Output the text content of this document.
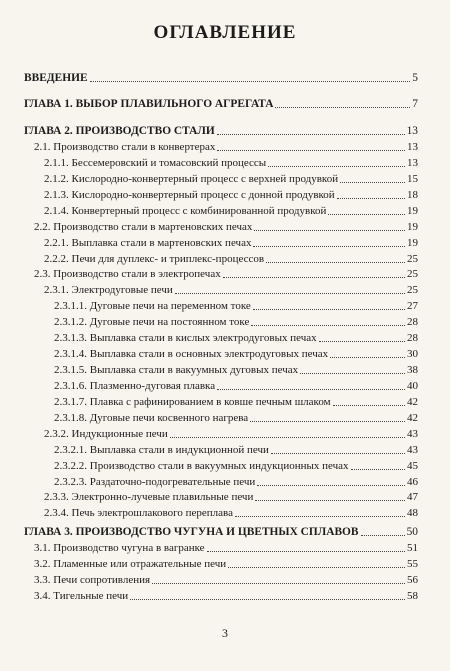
ОГЛАВЛЕНИЕ
ВВЕДЕНИЕ	5
ГЛАВА 1. ВЫБОР ПЛАВИЛЬНОГО АГРЕГАТА	7
ГЛАВА 2. ПРОИЗВОДСТВО СТАЛИ	13
2.1. Производство стали в конвертерах	13
2.1.1. Бессемеровский и томасовский процессы	13
2.1.2. Кислородно-конвертерный процесс с верхней продувкой	15
2.1.3. Кислородно-конвертерный процесс с донной продувкой	18
2.1.4. Конвертерный процесс с комбинированной продувкой	19
2.2. Производство стали в мартеновских печах	19
2.2.1. Выплавка стали в мартеновских печах	19
2.2.2. Печи для дуплекс- и триплекс-процессов	25
2.3. Производство стали в электропечах	25
2.3.1. Электродуговые печи	25
2.3.1.1. Дуговые печи на переменном токе	27
2.3.1.2. Дуговые печи на постоянном токе	28
2.3.1.3. Выплавка стали в кислых электродуговых печах	28
2.3.1.4. Выплавка стали в основных электродуговых печах	30
2.3.1.5. Выплавка стали в вакуумных дуговых печах	38
2.3.1.6. Плазменно-дуговая плавка	40
2.3.1.7. Плавка с рафинированием в ковше печным шлаком	42
2.3.1.8. Дуговые печи косвенного нагрева	42
2.3.2. Индукционные печи	43
2.3.2.1. Выплавка стали в индукционной печи	43
2.3.2.2. Производство стали в вакуумных индукционных печах	45
2.3.2.3. Раздаточно-подогревательные печи	46
2.3.3. Электронно-лучевые плавильные печи	47
2.3.4. Печь электрошлакового переплава	48
ГЛАВА 3. ПРОИЗВОДСТВО ЧУГУНА И ЦВЕТНЫХ СПЛАВОВ	50
3.1. Производство чугуна в вагранке	51
3.2. Пламенные или отражательные печи	55
3.3. Печи сопротивления	56
3.4. Тигельные печи	58
3
